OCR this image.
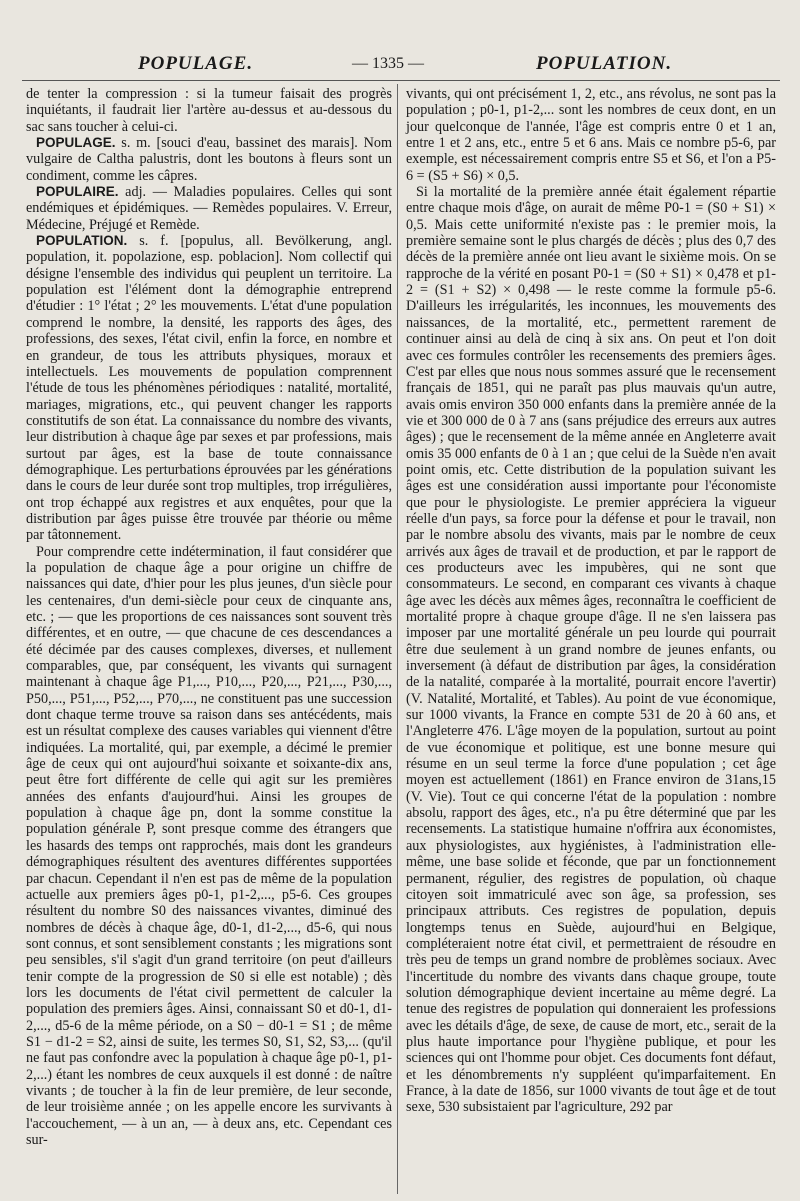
POPULAGE.	— 1335 —	POPULATION.

de tenter la compression : si la tumeur faisait des progrès inquiétants, il faudrait lier l'artère au-dessus et au-dessous du sac sans toucher à celui-ci.

POPULAGE. s. m. [souci d'eau, bassinet des marais]. Nom vulgaire de Caltha palustris, dont les boutons à fleurs sont un condiment, comme les câpres.

POPULAIRE. adj. — Maladies populaires. Celles qui sont endémiques et épidémiques. — Remèdes populaires. V. Erreur, Médecine, Préjugé et Remède.

POPULATION. s. f. [populus, all. Bevölkerung, angl. population, it. popolazione, esp. poblacion]. Nom collectif qui désigne l'ensemble des individus qui peuplent un territoire. La population est l'élément dont la démographie entreprend d'étudier : 1° l'état ; 2° les mouvements. L'état d'une population comprend le nombre, la densité, les rapports des âges, des professions, des sexes, l'état civil, enfin la force, en nombre et en grandeur, de tous les attributs physiques, moraux et intellectuels. Les mouvements de population comprennent l'étude de tous les phénomènes périodiques : natalité, mortalité, mariages, migrations, etc., qui peuvent changer les rapports constitutifs de son état. La connaissance du nombre des vivants, leur distribution à chaque âge par sexes et par professions, mais surtout par âges, est la base de toute connaissance démographique. Les perturbations éprouvées par les générations dans le cours de leur durée sont trop multiples, trop irrégulières, ont trop échappé aux registres et aux enquêtes, pour que la distribution par âges puisse être trouvée par théorie ou même par tâtonnement.

Pour comprendre cette indétermination, il faut considérer que la population de chaque âge a pour origine un chiffre de naissances qui date, d'hier pour les plus jeunes, d'un siècle pour les centenaires, d'un demi-siècle pour ceux de cinquante ans, etc. ; — que les proportions de ces naissances sont souvent très différentes, et en outre, — que chacune de ces descendances a été décimée par des causes complexes, diverses, et nullement comparables, que, par conséquent, les vivants qui surnagent maintenant à chaque âge P1,..., P10,..., P20,..., P21,..., P30,..., P50,..., P51,..., P52,..., P70,..., ne constituent pas une succession dont chaque terme trouve sa raison dans ses antécédents, mais est un résultat complexe des causes variables qui viennent d'être indiquées. La mortalité, qui, par exemple, a décimé le premier âge de ceux qui ont aujourd'hui soixante et soixante-dix ans, peut être fort différente de celle qui agit sur les premières années des enfants d'aujourd'hui. Ainsi les groupes de population à chaque âge pn, dont la somme constitue la population générale P, sont presque comme des étrangers que les hasards des temps ont rapprochés, mais dont les grandeurs démographiques résultent des aventures différentes supportées par chacun. Cependant il n'en est pas de même de la population actuelle aux premiers âges p0-1, p1-2,..., p5-6. Ces groupes résultent du nombre S0 des naissances vivantes, diminué des nombres de décès à chaque âge, d0-1, d1-2,..., d5-6, qui nous sont connus, et sont sensiblement constants ; les migrations sont peu sensibles, s'il s'agit d'un grand territoire (on peut d'ailleurs tenir compte de la progression de S0 si elle est notable) ; dès lors les documents de l'état civil permettent de calculer la population des premiers âges. Ainsi, connaissant S0 et d0-1, d1-2,..., d5-6 de la même période, on a S0 − d0-1 = S1 ; de même S1 − d1-2 = S2, ainsi de suite, les termes S0, S1, S2, S3,... (qu'il ne faut pas confondre avec la population à chaque âge p0-1, p1-2,...) étant les nombres de ceux auxquels il est donné : de naître vivants ; de toucher à la fin de leur première, de leur seconde, de leur troisième année ; on les appelle encore les survivants à l'accouchement, — à un an, — à deux ans, etc. Cependant ces sur-

vivants, qui ont précisément 1, 2, etc., ans révolus, ne sont pas la population ; p0-1, p1-2,... sont les nombres de ceux dont, en un jour quelconque de l'année, l'âge est compris entre 0 et 1 an, entre 1 et 2 ans, etc., entre 5 et 6 ans. Mais ce nombre p5-6, par exemple, est nécessairement compris entre S5 et S6, et l'on a P5-6 = (S5 + S6) × 0,5.

Si la mortalité de la première année était également répartie entre chaque mois d'âge, on aurait de même P0-1 = (S0 + S1) × 0,5. Mais cette uniformité n'existe pas : le premier mois, la première semaine sont le plus chargés de décès ; plus des 0,7 des décès de la première année ont lieu avant le sixième mois. On se rapproche de la vérité en posant P0-1 = (S0 + S1) × 0,478 et p1-2 = (S1 + S2) × 0,498 — le reste comme la formule p5-6. D'ailleurs les irrégularités, les inconnues, les mouvements des naissances, de la mortalité, etc., permettent rarement de continuer ainsi au delà de cinq à six ans. On peut et l'on doit avec ces formules contrôler les recensements des premiers âges. C'est par elles que nous nous sommes assuré que le recensement français de 1851, qui ne paraît pas plus mauvais qu'un autre, avais omis environ 350 000 enfants dans la première année de la vie et 300 000 de 0 à 7 ans (sans préjudice des erreurs aux autres âges) ; que le recensement de la même année en Angleterre avait omis 35 000 enfants de 0 à 1 an ; que celui de la Suède n'en avait point omis, etc. Cette distribution de la population suivant les âges est une considération aussi importante pour l'économiste que pour le physiologiste. Le premier appréciera la vigueur réelle d'un pays, sa force pour la défense et pour le travail, non par le nombre absolu des vivants, mais par le nombre de ceux arrivés aux âges de travail et de production, et par le rapport de ces producteurs avec les impubères, qui ne sont que consommateurs. Le second, en comparant ces vivants à chaque âge avec les décès aux mêmes âges, reconnaîtra le coefficient de mortalité propre à chaque groupe d'âge. Il ne s'en laissera pas imposer par une mortalité générale un peu lourde qui pourrait être due seulement à un grand nombre de jeunes enfants, ou inversement (à défaut de distribution par âges, la considération de la natalité, comparée à la mortalité, pourrait encore l'avertir) (V. Natalité, Mortalité, et Tables). Au point de vue économique, sur 1000 vivants, la France en compte 531 de 20 à 60 ans, et l'Angleterre 476. L'âge moyen de la population, surtout au point de vue économique et politique, est une bonne mesure qui résume en un seul terme la force d'une population ; cet âge moyen est actuellement (1861) en France environ de 31ans,15 (V. Vie). Tout ce qui concerne l'état de la population : nombre absolu, rapport des âges, etc., n'a pu être déterminé que par les recensements. La statistique humaine n'offrira aux économistes, aux physiologistes, aux hygiénistes, à l'administration elle-même, une base solide et féconde, que par un fonctionnement permanent, régulier, des registres de population, où chaque citoyen soit immatriculé avec son âge, sa profession, ses principaux attributs. Ces registres de population, depuis longtemps tenus en Suède, aujourd'hui en Belgique, compléteraient notre état civil, et permettraient de résoudre en très peu de temps un grand nombre de problèmes sociaux. Avec l'incertitude du nombre des vivants dans chaque groupe, toute solution démographique devient incertaine au même degré. La tenue des registres de population qui donneraient les professions avec les détails d'âge, de sexe, de cause de mort, etc., serait de la plus haute importance pour l'hygiène publique, et pour les sciences qui ont l'homme pour objet. Ces documents font défaut, et les dénombrements n'y suppléent qu'imparfaitement. En France, à la date de 1856, sur 1000 vivants de tout âge et de tout sexe, 530 subsistaient par l'agriculture, 292 par
